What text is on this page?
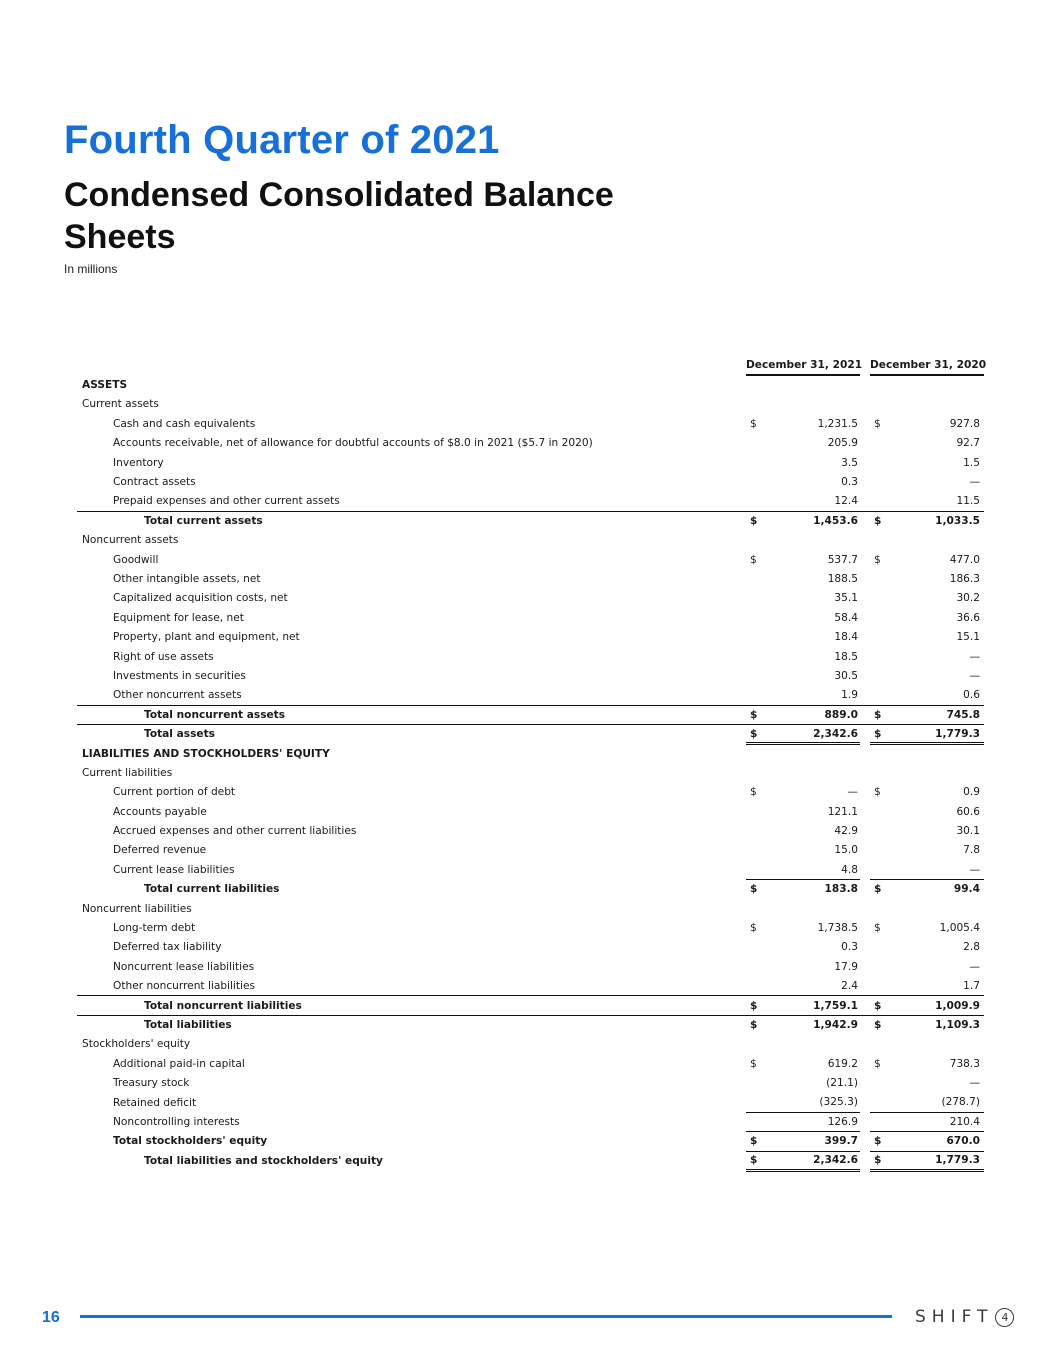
Fourth Quarter of 2021
Condensed Consolidated Balance Sheets
In millions
	December 31, 2021			December 31, 2020	
ASSETS					
Current assets					
Cash and cash equivalents	$	1,231.5		$	927.8
Accounts receivable, net of allowance for doubtful accounts of $8.0 in 2021 ($5.7 in 2020)		205.9			92.7
Inventory		3.5			1.5
Contract assets		0.3			—
Prepaid expenses and other current assets		12.4			11.5
Total current assets	$	1,453.6		$	1,033.5
Noncurrent assets					
Goodwill	$	537.7		$	477.0
Other intangible assets, net		188.5			186.3
Capitalized acquisition costs, net		35.1			30.2
Equipment for lease, net		58.4			36.6
Property, plant and equipment, net		18.4			15.1
Right of use assets		18.5			—
Investments in securities		30.5			—
Other noncurrent assets		1.9			0.6
Total noncurrent assets	$	889.0		$	745.8
Total assets	$	2,342.6		$	1,779.3
LIABILITIES AND STOCKHOLDERS' EQUITY					
Current liabilities					
Current portion of debt	$	—		$	0.9
Accounts payable		121.1			60.6
Accrued expenses and other current liabilities		42.9			30.1
Deferred revenue		15.0			7.8
Current lease liabilities		4.8			—
Total current liabilities	$	183.8		$	99.4
Noncurrent liabilities					
Long-term debt	$	1,738.5		$	1,005.4
Deferred tax liability		0.3			2.8
Noncurrent lease liabilities		17.9			—
Other noncurrent liabilities		2.4			1.7
Total noncurrent liabilities	$	1,759.1		$	1,009.9
Total liabilities	$	1,942.9		$	1,109.3
Stockholders' equity					
Additional paid-in capital	$	619.2		$	738.3
Treasury stock		(21.1)			—
Retained deficit		(325.3)			(278.7)
Noncontrolling interests		126.9			210.4
Total stockholders' equity	$	399.7		$	670.0
Total liabilities and stockholders' equity	$	2,342.6		$	1,779.3
16	SHIFT 4
